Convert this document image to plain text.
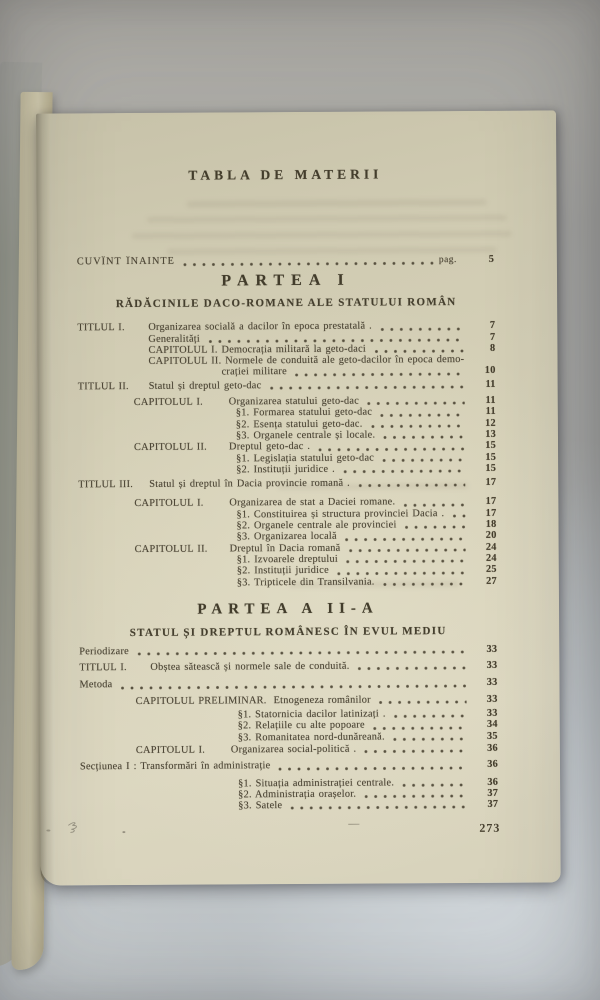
TABLA DE MATERII
CUVÎNT ÎNAINTE	pag.	5
PARTEA I
RĂDĂCINILE DACO-ROMANE ALE STATULUI ROMÂN
TITLUL I.	Organizarea socială a dacilor în epoca prestatală .	7
Generalități	7
CAPITOLUL I. Democrația militară la geto-daci	8
CAPITOLUL II. Normele de conduită ale geto-dacilor în epoca demo-
crației militare	10
TITLUL II.	Statul și dreptul geto-dac	11
CAPITOLUL I.	Organizarea statului geto-dac	11
§1. Formarea statului geto-dac	11
§2. Esența statului geto-dac.	12
§3. Organele centrale și locale.	13
CAPITOLUL II.	Dreptul geto-dac .	15
§1. Legislația statului geto-dac	15
§2. Instituții juridice .	15
TITLUL III.	Statul și dreptul în Dacia provincie romană .	17
CAPITOLUL I.	Organizarea de stat a Daciei romane.	17
§1. Constituirea și structura provinciei Dacia .	17
§2. Organele centrale ale provinciei	18
§3. Organizarea locală	20
CAPITOLUL II.	Dreptul în Dacia romană	24
§1. Izvoarele dreptului	24
§2. Instituții juridice	25
§3. Tripticele din Transilvania.	27
PARTEA A II-A
STATUL ȘI DREPTUL ROMÂNESC ÎN EVUL MEDIU
Periodizare	33
TITLUL I.	Obștea sătească și normele sale de conduită.	33
Metoda	33
CAPITOLUL PRELIMINAR. Etnogeneza românilor	33
§1. Statornicia dacilor latinizați .	33
§2. Relațiile cu alte popoare	34
§3. Romanitatea nord-dunăreană.	35
CAPITOLUL I.	Organizarea social-politică .	36
Secțiunea I : Transformări în administrație	36
§1. Situația administrației centrale.	36
§2. Administrația orașelor.	37
§3. Satele	37
273
—
